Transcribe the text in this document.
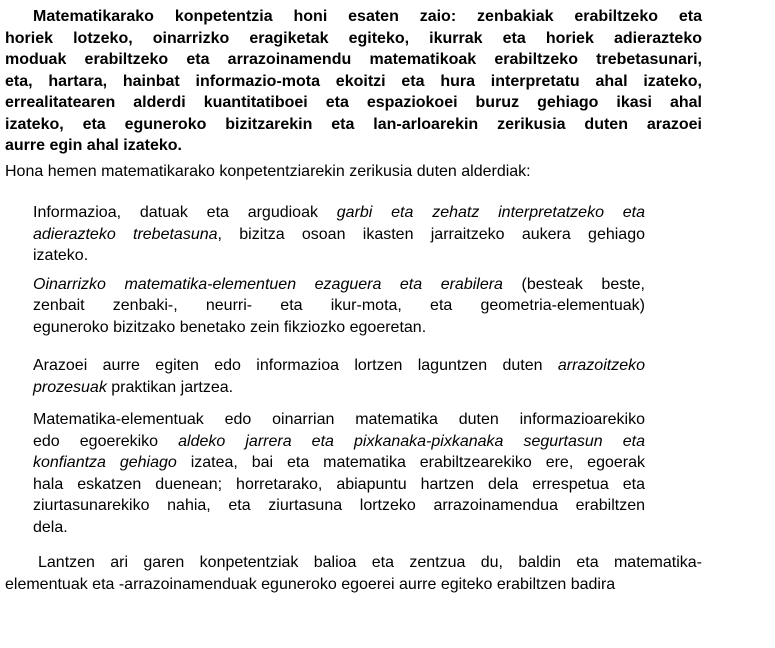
Matematikarako konpetentzia honi esaten zaio: zenbakiak erabiltzeko eta
horiek lotzeko, oinarrizko eragiketak egiteko, ikurrak eta horiek adierazteko
moduak erabiltzeko eta arrazoinamendu matematikoak erabiltzeko trebetasunari,
eta, hartara, hainbat informazio-mota ekoitzi eta hura interpretatu ahal izateko,
errealitatearen alderdi kuantitatiboei eta espaziokoei buruz gehiago ikasi ahal
izateko, eta eguneroko bizitzarekin eta lan-arloarekin zerikusia duten arazoei
aurre egin ahal izateko.
Hona hemen matematikarako konpetentziarekin zerikusia duten alderdiak:
Informazioa, datuak eta argudioak garbi eta zehatz interpretatzeko eta
adierazteko trebetasuna, bizitza osoan ikasten jarraitzeko aukera gehiago
izateko.
Oinarrizko matematika-elementuen ezaguera eta erabilera (besteak beste,
zenbait zenbaki-, neurri- eta ikur-mota, eta geometria-elementuak)
eguneroko bizitzako benetako zein fikziozko egoeretan.
Arazoei aurre egiten edo informazioa lortzen laguntzen duten arrazoitzeko
prozesuak praktikan jartzea.
Matematika-elementuak edo oinarrian matematika duten informazioarekiko
edo egoerekiko aldeko jarrera eta pixkanaka-pixkanaka segurtasun eta
konfiantza gehiago izatea, bai eta matematika erabiltzearekiko ere, egoerak
hala eskatzen duenean; horretarako, abiapuntu hartzen dela errespetua eta
ziurtasunarekiko nahia, eta ziurtasuna lortzeko arrazoinamendua erabiltzen
dela.
Lantzen ari garen konpetentziak balioa eta zentzua du, baldin eta matematika-
elementuak eta -arrazoinamenduak eguneroko egoerei aurre egiteko erabiltzen badira
